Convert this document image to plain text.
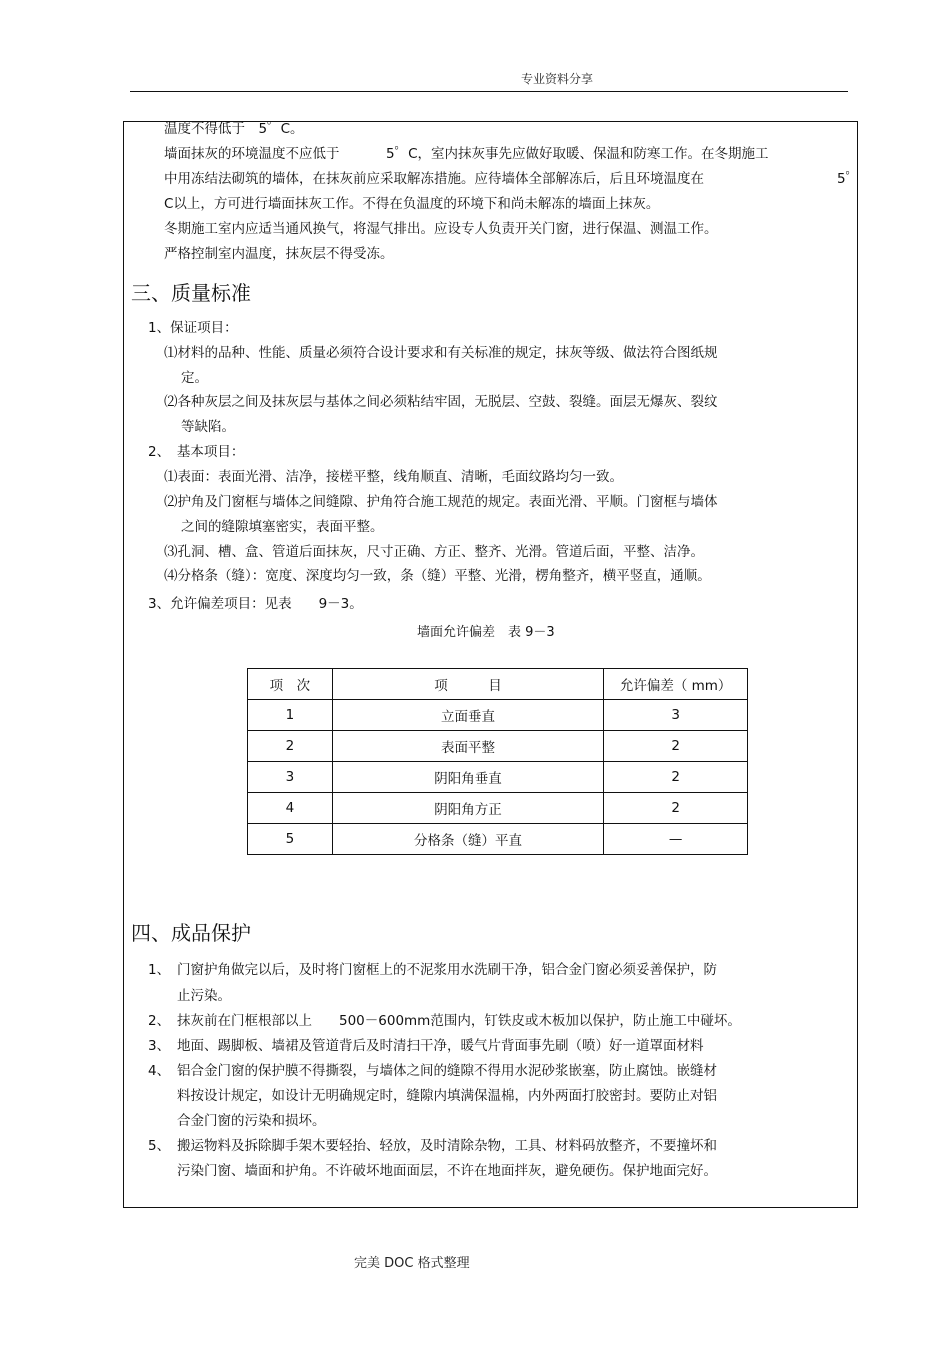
专业资料分享
温度不得低于　5゜C。
墙面抹灰的环境温度不应低于	5゜C，室内抹灰事先应做好取暖、保温和防寒工作。在冬期施工
中用冻结法砌筑的墙体，在抹灰前应采取解冻措施。应待墙体全部解冻后，后且环境温度在	5゜
C以上，方可进行墙面抹灰工作。不得在负温度的环境下和尚未解冻的墙面上抹灰。
冬期施工室内应适当通风换气，将湿气排出。应设专人负责开关门窗，进行保温、测温工作。
严格控制室内温度，抹灰层不得受冻。
三、质量标准
1、保证项目：
⑴材料的品种、性能、质量必须符合设计要求和有关标准的规定，抹灰等级、做法符合图纸规
定。
⑵各种灰层之间及抹灰层与基体之间必须粘结牢固，无脱层、空鼓、裂缝。面层无爆灰、裂纹
等缺陷。
2、　基本项目：
⑴表面：表面光滑、洁净，接槎平整，线角顺直、清晰，毛面纹路均匀一致。
⑵护角及门窗框与墙体之间缝隙、护角符合施工规范的规定。表面光滑、平顺。门窗框与墙体
之间的缝隙填塞密实，表面平整。
⑶孔洞、槽、盒、管道后面抹灰，尺寸正确、方正、整齐、光滑。管道后面，平整、洁净。
⑷分格条（缝）：宽度、深度均匀一致，条（缝）平整、光滑，楞角整齐，横平竖直，通顺。
3、允许偏差项目：见表　　9－3。
墙面允许偏差　表 9－3
项　次	项　　　目	允许偏差（ mm）
1	立面垂直	3
2	表面平整	2
3	阴阳角垂直	2
4	阴阳角方正	2
5	分格条（缝）平直	—
四、成品保护
1、 门窗护角做完以后，及时将门窗框上的不泥浆用水洗刷干净，铝合金门窗必须妥善保护，防
止污染。
2、 抹灰前在门框根部以上　　500－600mm范围内，钉铁皮或木板加以保护，防止施工中碰坏。
3、 地面、踢脚板、墙裙及管道背后及时清扫干净，暖气片背面事先刷（喷）好一道罩面材料
4、 铝合金门窗的保护膜不得撕裂，与墙体之间的缝隙不得用水泥砂浆嵌塞，防止腐蚀。嵌缝材
料按设计规定，如设计无明确规定时，缝隙内填满保温棉，内外两面打胶密封。要防止对铝
合金门窗的污染和损坏。
5、 搬运物料及拆除脚手架木要轻抬、轻放，及时清除杂物，工具、材料码放整齐，不要撞坏和
污染门窗、墙面和护角。不许破坏地面面层，不许在地面拌灰，避免硬伤。保护地面完好。
完美 DOC 格式整理
